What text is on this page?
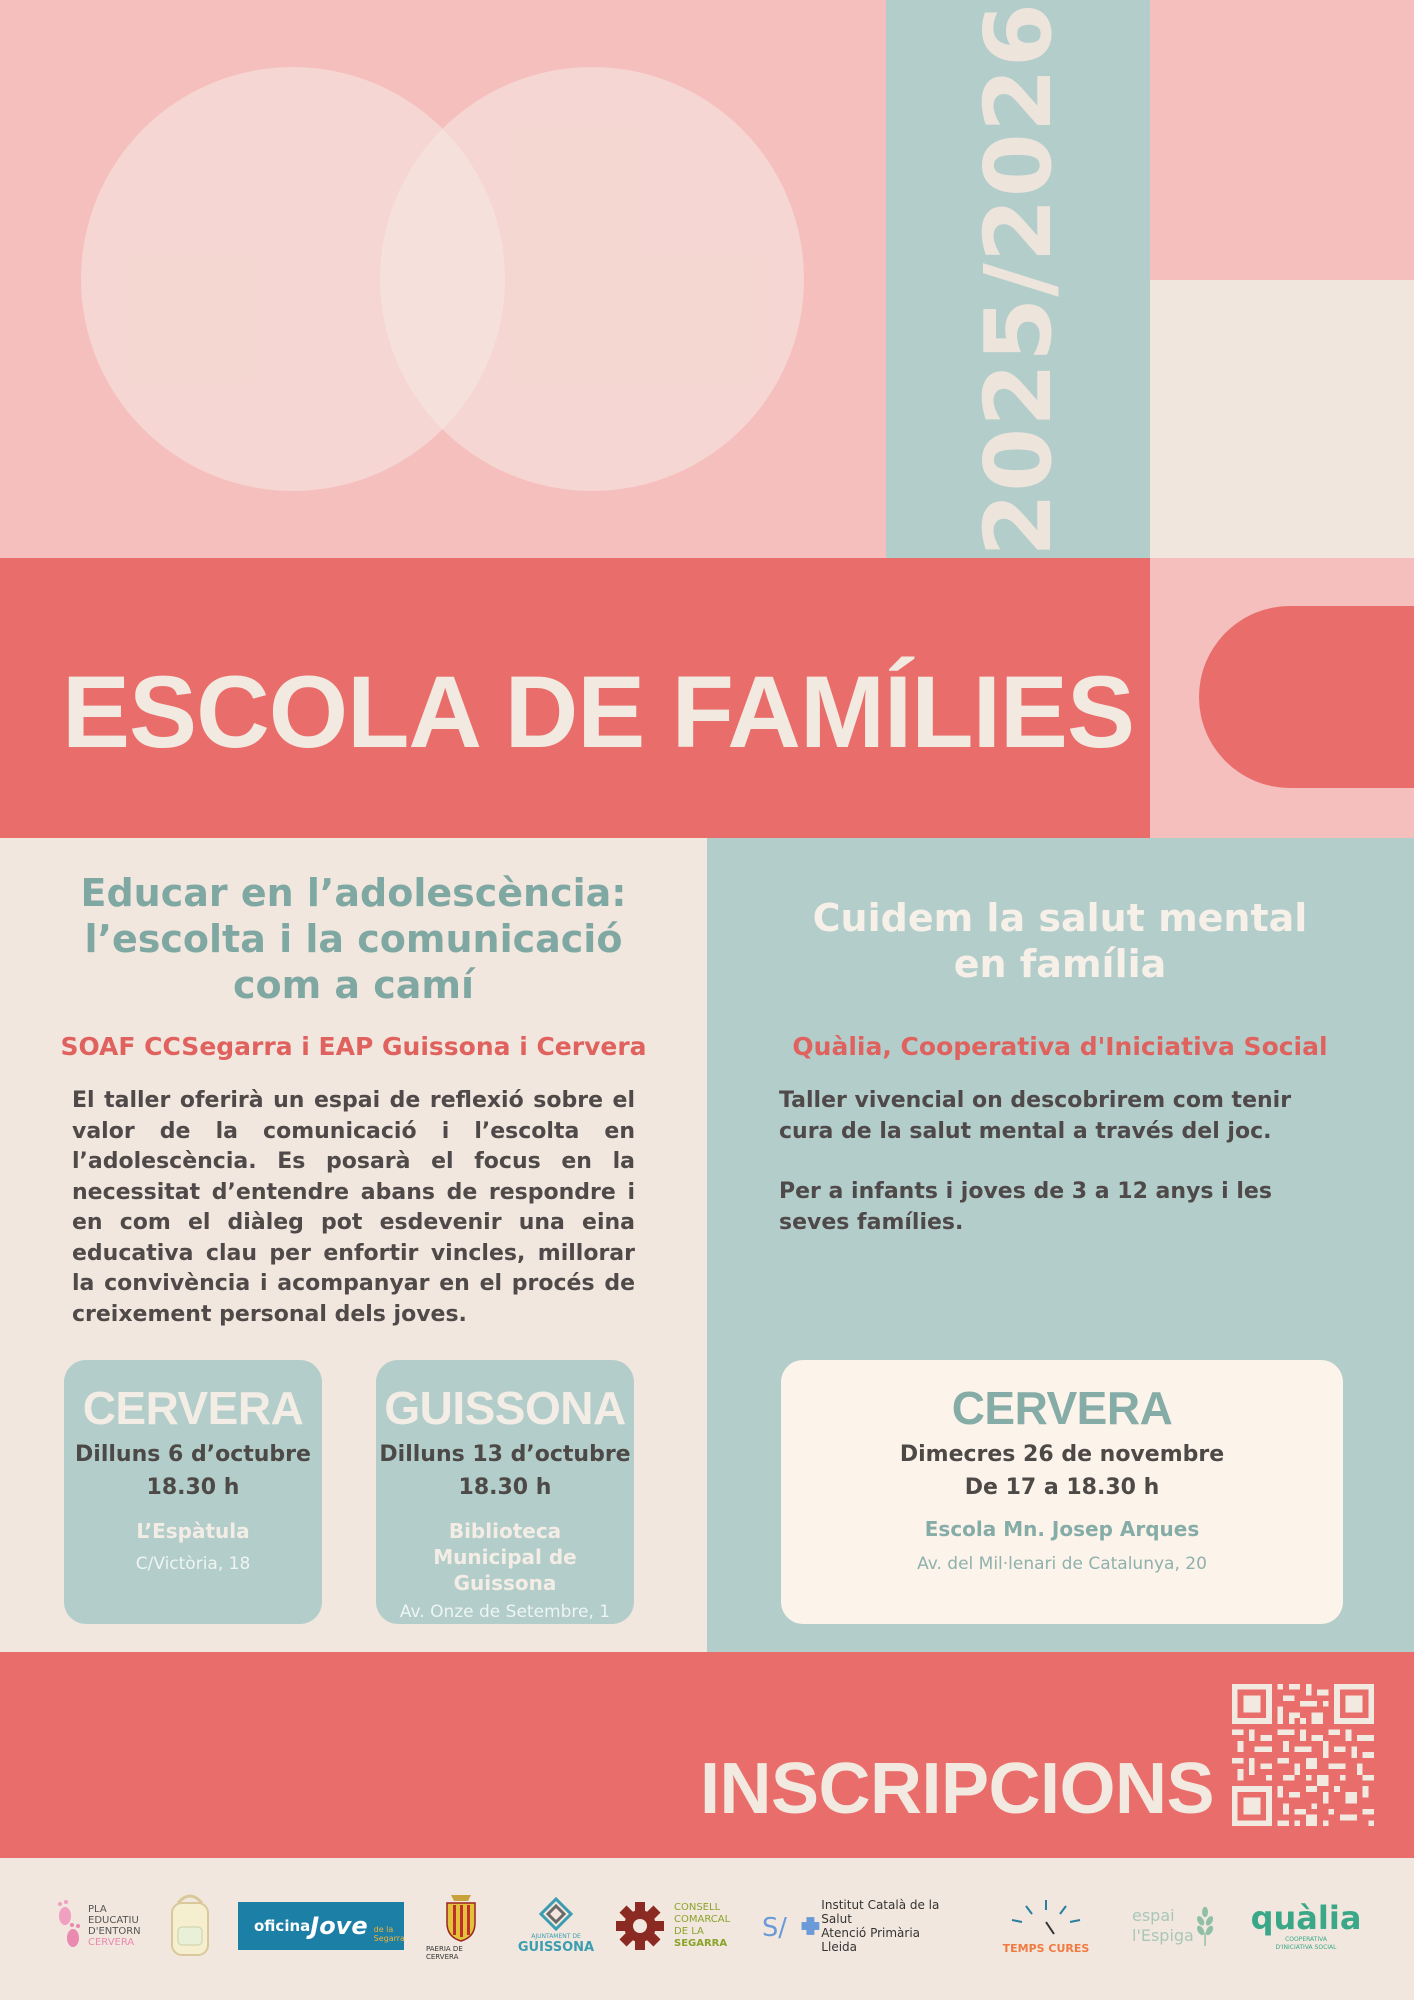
2025/2026
ESCOLA DE FAMÍLIES
Educar en l’adolescència:
l’escolta i la comunicació
com a camí
SOAF CCSegarra i EAP Guissona i Cervera
El taller oferirà un espai de reflexió sobre el valor de la comunicació i l’escolta en l’adolescència. Es posarà el focus en la necessitat d’entendre abans de respondre i en com el diàleg pot esdevenir una eina educativa clau per enfortir vincles, millorar la convivència i acompanyar en el procés de creixement personal dels joves.
CERVERA
Dilluns 6 d’octubre
18.30 h
L’Espàtula
C/Victòria, 18
GUISSONA
Dilluns 13 d’octubre
18.30 h
Biblioteca Municipal de Guissona
Av. Onze de Setembre, 1
Cuidem la salut mental
en família
Quàlia, Cooperativa d'Iniciativa Social

Taller vivencial on descobrirem com tenir cura de la salut mental a través del joc.

Per a infants i joves de 3 a 12 anys i les seves famílies.

CERVERA
Dimecres 26 de novembre
De 17 a 18.30 h
Escola Mn. Josep Arques
Av. del Mil·lenari de Catalunya, 20
INSCRIPCIONS
PLA
EDUCATIU
D'ENTORN
CERVERA
oficina Jove de la Segarra
PAERIA DE CERVERA
AJUNTAMENT DE
GUISSONA
CONSELL
COMARCAL
DE LA
SEGARRA
S/
Institut Català de la Salut
Atenció Primària
Lleida	TEMPS CURES
espai
l'Espiga quàlia
COOPERATIVA
D'INICIATIVA SOCIAL
